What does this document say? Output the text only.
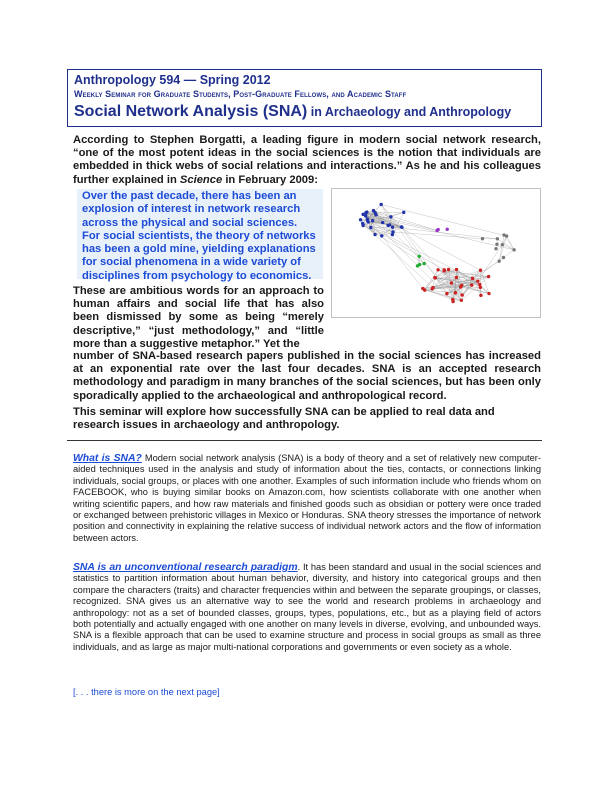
Anthropology 594 — Spring 2012
Weekly Seminar for Graduate Students, Post-Graduate Fellows, and Academic Staff
Social Network Analysis (SNA) in Archaeology and Anthropology
According to Stephen Borgatti, a leading figure in modern social network research, “one of the most potent ideas in the social sciences is the notion that individuals are embedded in thick webs of social relations and interactions.” As he and his colleagues further explained in Science in February 2009:
Over the past decade, there has been an explosion of interest in network research across the physical and social sciences. For social scientists, the theory of networks has been a gold mine, yielding explanations for social phenomena in a wide variety of disciplines from psychology to economics.
These are ambitious words for an approach to human affairs and social life that has also been dismissed by some as being “merely descriptive,” “just methodology,” and “little more than a suggestive metaphor.” Yet the
number of SNA-based research papers published in the social sciences has increased at an exponential rate over the last four decades. SNA is an accepted research methodology and paradigm in many branches of the social sciences, but has been only sporadically applied to the archaeological and anthropological record.
This seminar will explore how successfully SNA can be applied to real data and research issues in archaeology and anthropology.
What is SNA? Modern social network analysis (SNA) is a body of theory and a set of relatively new computer-aided techniques used in the analysis and study of information about the ties, contacts, or connections linking individuals, social groups, or places with one another. Examples of such information include who friends whom on FACEBOOK, who is buying similar books on Amazon.com, how scientists collaborate with one another when writing scientific papers, and how raw materials and finished goods such as obsidian or pottery were once traded or exchanged between prehistoric villages in Mexico or Honduras. SNA theory stresses the importance of network position and connectivity in explaining the relative success of individual network actors and the flow of information between actors.
SNA is an unconventional research paradigm. It has been standard and usual in the social sciences and statistics to partition information about human behavior, diversity, and history into categorical groups and then compare the characters (traits) and character frequencies within and between the separate groupings, or classes, recognized. SNA gives us an alternative way to see the world and research problems in archaeology and anthropology: not as a set of bounded classes, groups, types, populations, etc., but as a playing field of actors both potentially and actually engaged with one another on many levels in diverse, evolving, and unbounded ways. SNA is a flexible approach that can be used to examine structure and process in social groups as small as three individuals, and as large as major multi-national corporations and governments or even society as a whole.
[. . . there is more on the next page]
